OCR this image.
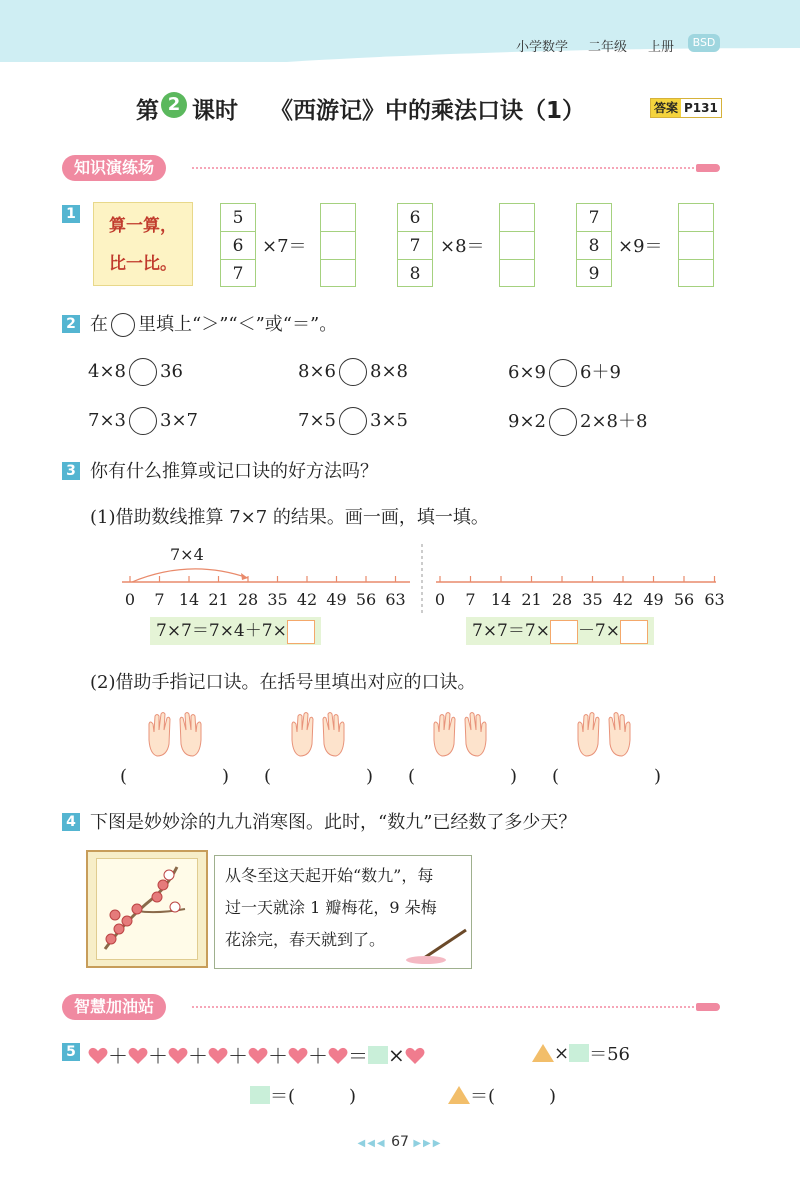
小学数学 二年级 上册	BSD
第 2 课时 《西游记》中的乘法口诀（1）	答案 P131
知识演练场
1
算一算，
比一比。
5
6
7
×7＝
6
7
8
×8＝
7
8
9
×9＝
2 在 里填上“＞”“＜”或“＝”。
4×8 36	8×6 8×8	6×9 6＋9
7×3 3×7	7×5 3×5	9×2 2×8＋8
3 你有什么推算或记口诀的好方法吗？
(1)借助数线推算 7×7 的结果。画一画，填一填。
7×4
0	7 14 21 28 35 42 49 56 63	0	7 14 21 28 35 42 49 56 63
7×7＝7×4＋7×	7×7＝7× －7×
(2)借助手指记口诀。在括号里填出对应的口诀。
(	) (	) (	) (	)
4 下图是妙妙涂的九九消寒图。此时，“数九”已经数了多少天？
从冬至这天起开始“数九”，每
过一天就涂 1 瓣梅花，9 朵梅
花涂完，春天就到了。
智慧加油站
5 ＋ ＋ ＋ ＋ ＋ ＋ ＝ ×	× ＝56
＝(　　　)	＝(　　　)
◀◀◀ 67 ▶▶▶
